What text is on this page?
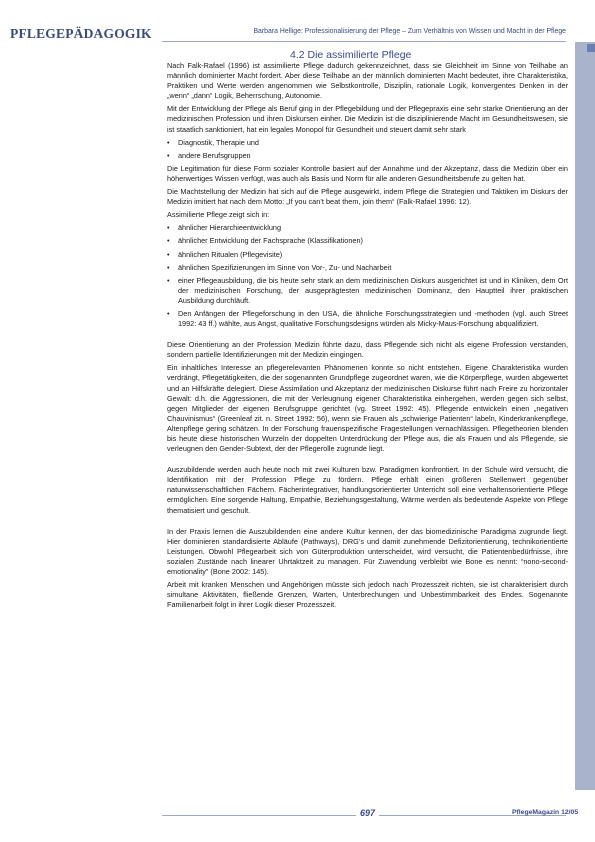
PFLEGEPÄDAGOGIK	Barbara Hellige: Professionalisierung der Pflege – Zum Verhältnis von Wissen und Macht in der Pflege
4.2 Die assimilierte Pflege

Nach Falk-Rafael (1996) ist assimilierte Pflege dadurch gekennzeichnet, dass sie Gleichheit im Sinne von Teilhabe an männlich dominierter Macht fordert. Aber diese Teilhabe an der männlich dominierten Macht bedeutet, ihre Charakteristika, Praktiken und Werte werden angenommen wie Selbstkontrolle, Disziplin, rationale Logik, konvergentes Denken in der „wenn“ „dann“ Logik, Beherrschung, Autonomie.

Mit der Entwicklung der Pflege als Beruf ging in der Pflegebildung und der Pflegepraxis eine sehr starke Orientierung an der medizinischen Profession und ihren Diskursen einher. Die Medizin ist die disziplinierende Macht im Gesundheitswesen, sie ist staatlich sanktioniert, hat ein legales Monopol für Gesundheit und steuert damit sehr stark

• Diagnostik, Therapie und
• andere Berufsgruppen

Die Legitimation für diese Form sozialer Kontrolle basiert auf der Annahme und der Akzeptanz, dass die Medizin über ein höherwertiges Wissen verfügt, was auch als Basis und Norm für alle anderen Gesundheitsberufe zu gelten hat.

Die Machtstellung der Medizin hat sich auf die Pflege ausgewirkt, indem Pflege die Strategien und Taktiken im Diskurs der Medizin imitiert hat nach dem Motto: „If you can’t beat them, join them“ (Falk-Rafael 1996: 12).

Assimilierte Pflege zeigt sich in:

• ähnlicher Hierarchieentwicklung
• ähnlicher Entwicklung der Fachsprache (Klassifikationen)
• ähnlichen Ritualen (Pflegevisite)
• ähnlichen Spezifizierungen im Sinne von Vor-, Zu- und Nacharbeit
• einer Pflegeausbildung, die bis heute sehr stark an dem medizinischen Diskurs ausgerichtet ist und in Kliniken, dem Ort der medizinischen Forschung, der ausgeprägtesten medizinischen Dominanz, den Hauptteil ihrer praktischen Ausbildung durchläuft.
• Den Anfängen der Pflegeforschung in den USA, die ähnliche Forschungsstrategien und -methoden (vgl. auch Street 1992: 43 ff.) wählte, aus Angst, qualitative Forschungsdesigns würden als Micky-Maus-Forschung abqualifiziert.

Diese Orientierung an der Profession Medizin führte dazu, dass Pflegende sich nicht als eigene Profession verstanden, sondern partielle Identifizierungen mit der Medizin eingingen.

Ein inhaltliches Interesse an pflegerelevanten Phänomenen konnte so nicht entstehen. Eigene Charakteristika wurden verdrängt, Pflegetätigkeiten, die der sogenannten Grundpflege zugeordnet waren, wie die Körperpflege, wurden abgewertet und an Hilfskräfte delegiert. Diese Assimilation und Akzeptanz der medizinischen Diskurse führt nach Freire zu horizontaler Gewalt: d.h. die Aggressionen, die mit der Verleugnung eigener Charakteristika einhergehen, werden gegen sich selbst, gegen Mitglieder der eigenen Berufsgruppe gerichtet (vg. Street 1992: 45). Pflegende entwickeln einen „negativen Chauvinismus“ (Greenleaf zit. n. Street 1992: 56), wenn sie Frauen als „schwierige Patienten“ labeln, Kinderkrankenpflege, Altenpflege gering schätzen. In der Forschung frauenspezifische Fragestellungen vernachlässigen. Pflegetheorien blenden bis heute diese historischen Wurzeln der doppelten Unterdrückung der Pflege aus, die als Frauen und als Pflegende, sie verleugnen den Gender-Subtext, der der Pflegerolle zugrunde liegt.

Auszubildende werden auch heute noch mit zwei Kulturen bzw. Paradigmen konfrontiert. In der Schule wird versucht, die Identifikation mit der Profession Pflege zu fördern. Pflege erhält einen größeren Stellenwert gegenüber naturwissenschaftlichen Fächern. Fächerintegrativer, handlungsorientierter Unterricht soll eine verhaltensorientierte Pflege ermöglichen. Eine sorgende Haltung, Empathie, Beziehungsgestaltung, Wärme werden als bedeutende Aspekte von Pflege thematisiert und geschult.

In der Praxis lernen die Auszubildenden eine andere Kultur kennen, der das biomedizinische Paradigma zugrunde liegt. Hier dominieren standardisierte Abläufe (Pathways), DRG’s und damit zunehmende Defizitorientierung, technikorientierte Leistungen. Obwohl Pflegearbeit sich von Güterproduktion unterscheidet, wird versucht, die Patientenbedürfnisse, ihre sozialen Zustände nach linearer Uhrtaktzeit zu managen. Für Zuwendung verbleibt wie Bone es nennt: “nono-second-emotionality” (Bone 2002: 145).

Arbeit mit kranken Menschen und Angehörigen müsste sich jedoch nach Prozesszeit richten, sie ist charakterisiert durch simultane Aktivitäten, fließende Grenzen, Warten, Unterbrechungen und Unbestimmbarkeit des Endes. Sogenannte Familienarbeit folgt in ihrer Logik dieser Prozesszeit.

697	PflegeMagazin 12/05
